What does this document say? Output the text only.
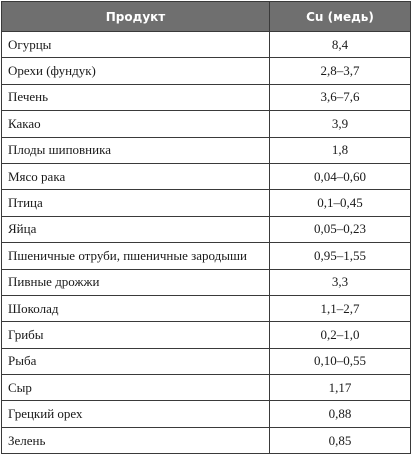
Продукт	Cu (медь)
Огурцы	8,4
Орехи (фундук)	2,8–3,7
Печень	3,6–7,6
Какао	3,9
Плоды шиповника	1,8
Мясо рака	0,04–0,60
Птица	0,1–0,45
Яйца	0,05–0,23
Пшеничные отруби, пшеничные зародыши	0,95–1,55
Пивные дрожжи	3,3
Шоколад	1,1–2,7
Грибы	0,2–1,0
Рыба	0,10–0,55
Сыр	1,17
Грецкий орех	0,88
Зелень	0,85
